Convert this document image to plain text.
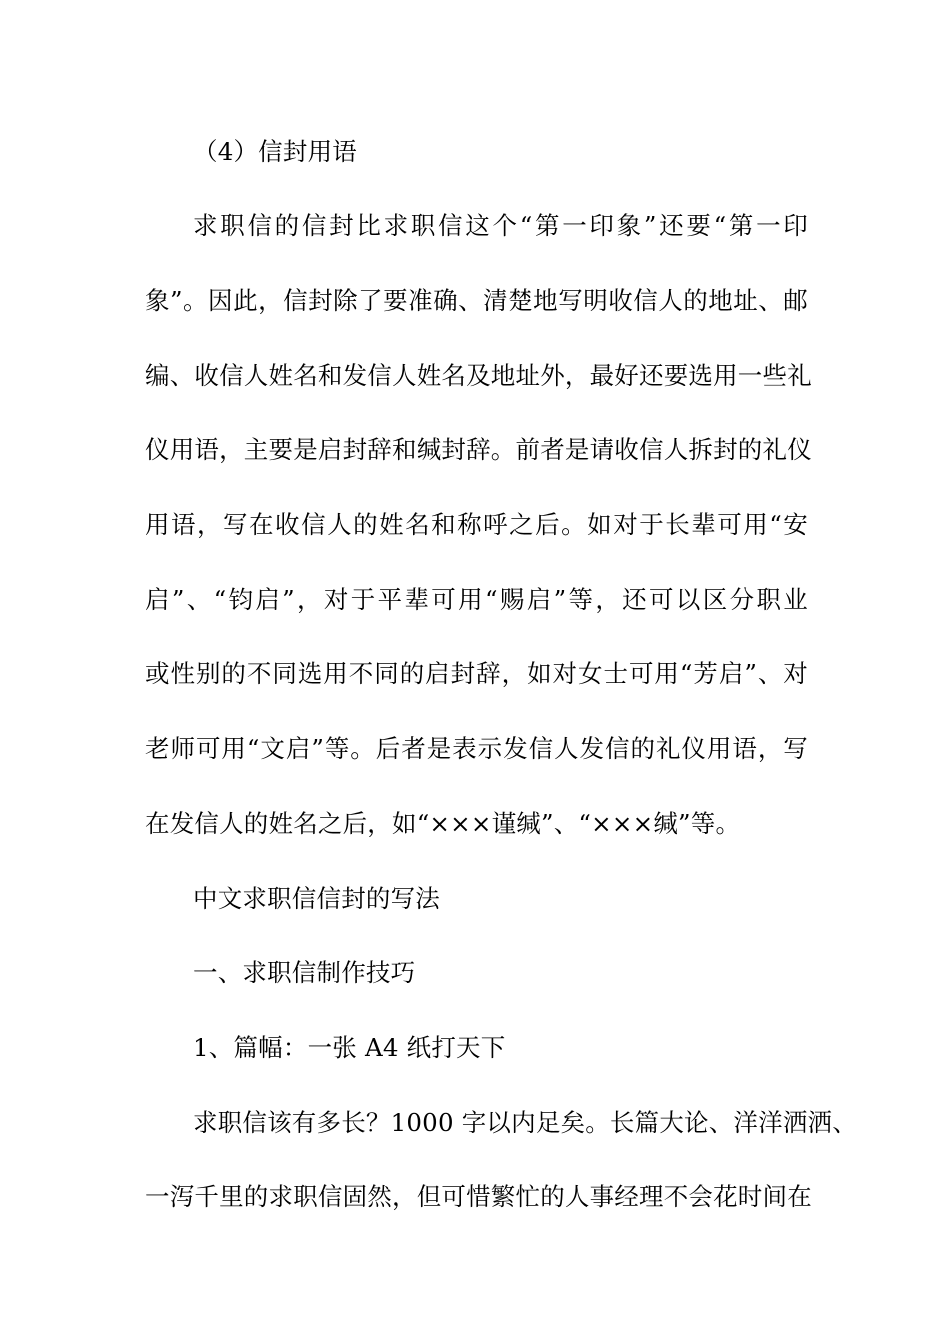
（4）信封用语
求职信的信封比求职信这个“第一印象”还要“第一印
象”。因此，信封除了要准确、清楚地写明收信人的地址、邮
编、收信人姓名和发信人姓名及地址外，最好还要选用一些礼
仪用语，主要是启封辞和缄封辞。前者是请收信人拆封的礼仪
用语，写在收信人的姓名和称呼之后。如对于长辈可用“安
启”、“钧启”，对于平辈可用“赐启”等，还可以区分职业
或性别的不同选用不同的启封辞，如对女士可用“芳启”、对
老师可用“文启”等。后者是表示发信人发信的礼仪用语，写
在发信人的姓名之后，如“×××谨缄”、“×××缄”等。
中文求职信信封的写法
一、求职信制作技巧
1、篇幅：一张 A4 纸打天下
求职信该有多长？1000 字以内足矣。长篇大论、洋洋洒洒、
一泻千里的求职信固然，但可惜繁忙的人事经理不会花时间在
